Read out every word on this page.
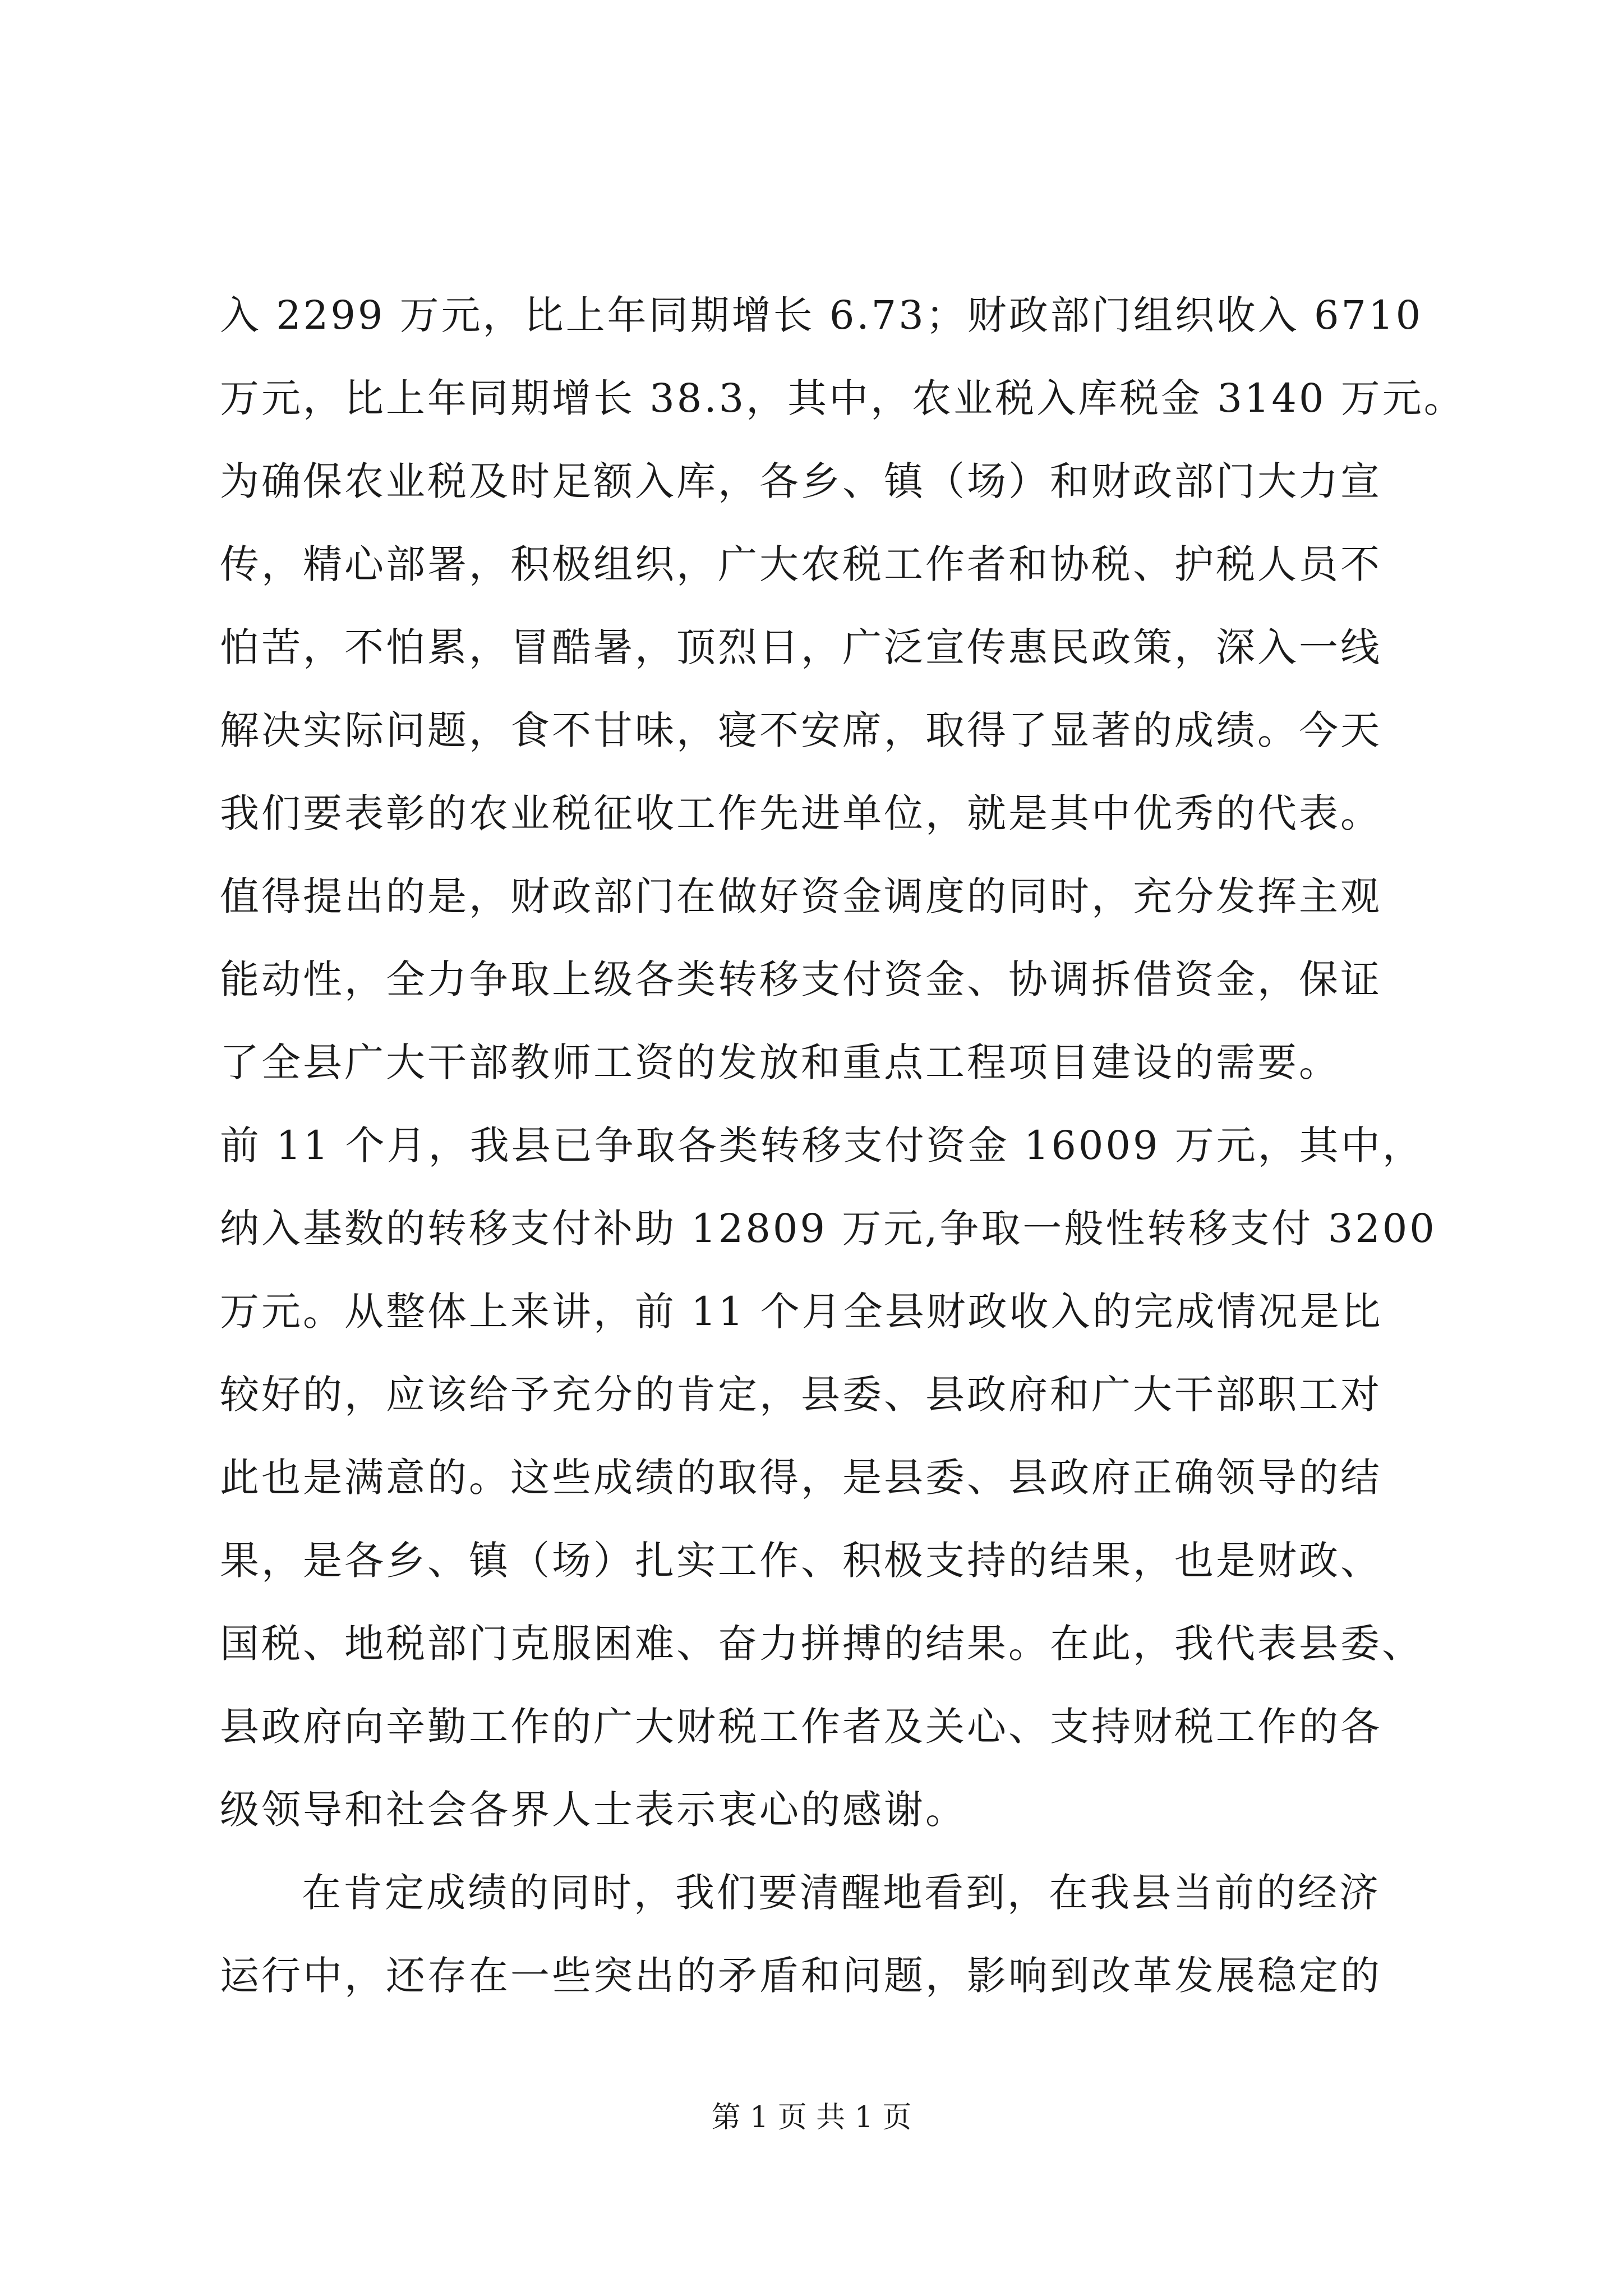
入 2299 万元，比上年同期增长 6.73；财政部门组织收入 6710
万元，比上年同期增长 38.3，其中，农业税入库税金 3140 万元。
为确保农业税及时足额入库，各乡、镇（场）和财政部门大力宣
传，精心部署，积极组织，广大农税工作者和协税、护税人员不
怕苦，不怕累，冒酷暑，顶烈日，广泛宣传惠民政策，深入一线
解决实际问题，食不甘味，寝不安席，取得了显著的成绩。今天
我们要表彰的农业税征收工作先进单位，就是其中优秀的代表。
值得提出的是，财政部门在做好资金调度的同时，充分发挥主观
能动性，全力争取上级各类转移支付资金、协调拆借资金，保证
了全县广大干部教师工资的发放和重点工程项目建设的需要。
前 11 个月，我县已争取各类转移支付资金 16009 万元，其中，
纳入基数的转移支付补助 12809 万元,争取一般性转移支付 3200
万元。从整体上来讲，前 11 个月全县财政收入的完成情况是比
较好的，应该给予充分的肯定，县委、县政府和广大干部职工对
此也是满意的。这些成绩的取得，是县委、县政府正确领导的结
果，是各乡、镇（场）扎实工作、积极支持的结果，也是财政、
国税、地税部门克服困难、奋力拼搏的结果。在此，我代表县委、
县政府向辛勤工作的广大财税工作者及关心、支持财税工作的各
级领导和社会各界人士表示衷心的感谢。
在肯定成绩的同时，我们要清醒地看到，在我县当前的经济
运行中，还存在一些突出的矛盾和问题，影响到改革发展稳定的
第 1 页 共 1 页
